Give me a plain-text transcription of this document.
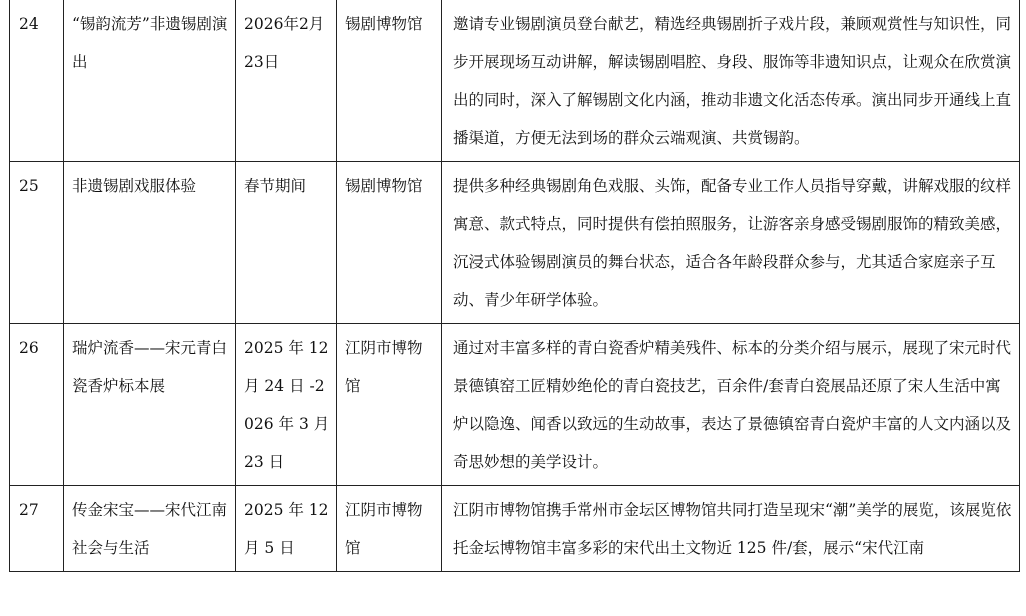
24	“锡韵流芳”非遗锡剧演出	2026年2月23日	锡剧博物馆	邀请专业锡剧演员登台献艺，精选经典锡剧折子戏片段，兼顾观赏性与知识性，同步开展现场互动讲解，解读锡剧唱腔、身段、服饰等非遗知识点，让观众在欣赏演出的同时，深入了解锡剧文化内涵，推动非遗文化活态传承。演出同步开通线上直播渠道，方便无法到场的群众云端观演、共赏锡韵。

25	非遗锡剧戏服体验	春节期间	锡剧博物馆	提供多种经典锡剧角色戏服、头饰，配备专业工作人员指导穿戴，讲解戏服的纹样寓意、款式特点，同时提供有偿拍照服务，让游客亲身感受锡剧服饰的精致美感，沉浸式体验锡剧演员的舞台状态，适合各年龄段群众参与，尤其适合家庭亲子互动、青少年研学体验。

26	瑞炉流香——宋元青白瓷香炉标本展	2025 年 12 月 24 日 -2026 年 3 月 23 日	江阴市博物馆	通过对丰富多样的青白瓷香炉精美残件、标本的分类介绍与展示，展现了宋元时代景德镇窑工匠精妙绝伦的青白瓷技艺，百余件/套青白瓷展品还原了宋人生活中寓炉以隐逸、闻香以致远的生动故事，表达了景德镇窑青白瓷炉丰富的人文内涵以及奇思妙想的美学设计。

27	传金宋宝——宋代江南社会与生活	2025 年 12 月 5 日	江阴市博物馆	江阴市博物馆携手常州市金坛区博物馆共同打造呈现宋“潮”美学的展览，该展览依托金坛博物馆丰富多彩的宋代出土文物近 125 件/套，展示“宋代江南
